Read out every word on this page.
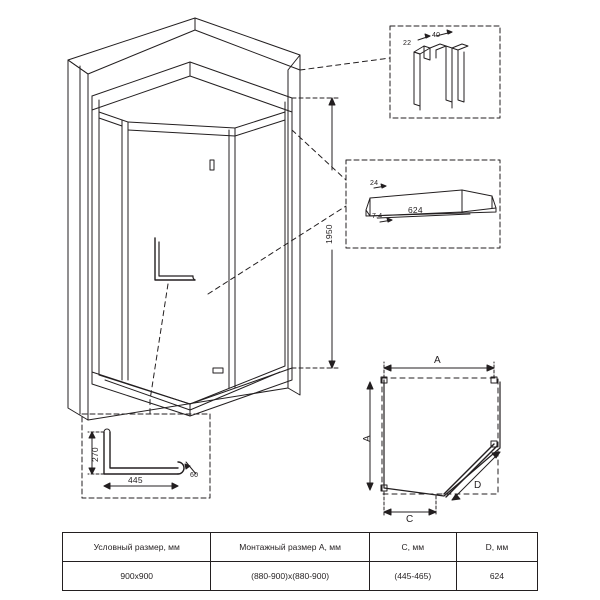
1950
22
40
24
7,4
624
270
445	60
A
A
C
D
Условный размер, мм	Монтажный размер A, мм	C, мм	D, мм
900x900	(880-900)x(880-900)	(445-465)	624
